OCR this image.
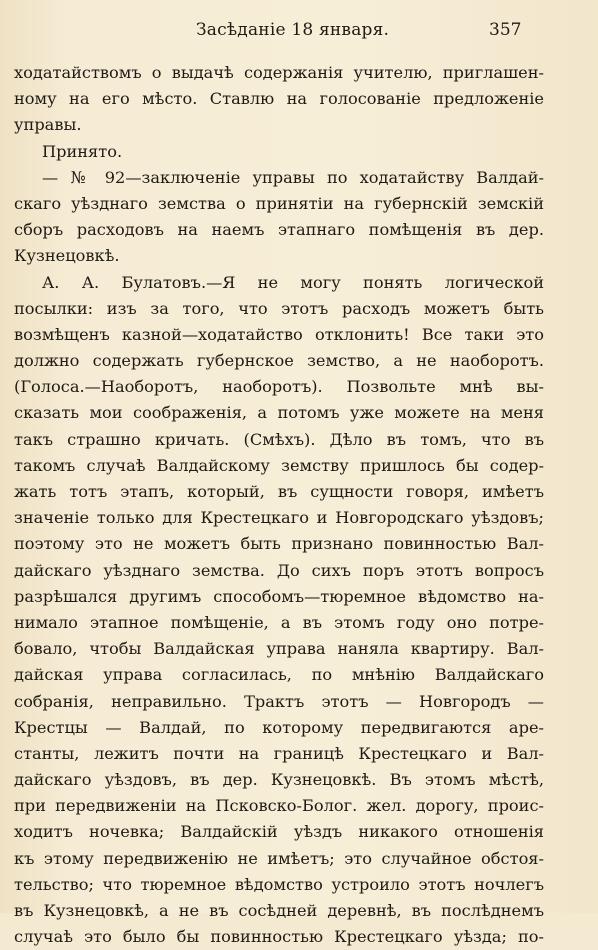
Засѣданіе 18 января.	357
ходатайствомъ о выдачѣ содержанія учителю, приглашен-
ному на его мѣсто. Ставлю на голосованіе предложеніе
управы.
Принято.
— № 92—заключеніе управы по ходатайству Валдай-
скаго уѣзднаго земства о принятіи на губернскій земскій
сборъ расходовъ на наемъ этапнаго помѣщенія въ дер.
Кузнецовкѣ.
А. А. Булатовъ.—Я не могу понять логической
посылки: изъ за того, что этотъ расходъ можетъ быть
возмѣщенъ казной—ходатайство отклонить! Все таки это
должно содержать губернское земство, а не наоборотъ.
(Голоса.—Наоборотъ, наоборотъ). Позвольте мнѣ вы-
сказать мои соображенія, а потомъ уже можете на меня
такъ страшно кричать. (Смѣхъ). Дѣло въ томъ, что въ
такомъ случаѣ Валдайскому земству пришлось бы содер-
жать тотъ этапъ, который, въ сущности говоря, имѣетъ
значеніе только для Крестецкаго и Новгородскаго уѣздовъ;
поэтому это не можетъ быть признано повинностью Вал-
дайскаго уѣзднаго земства. До сихъ поръ этотъ вопросъ
разрѣшался другимъ способомъ—тюремное вѣдомство на-
нимало этапное помѣщеніе, а въ этомъ году оно потре-
бовало, чтобы Валдайская управа наняла квартиру. Вал-
дайская управа согласилась, по мнѣнію Валдайскаго
собранія, неправильно. Трактъ этотъ — Новгородъ —
Крестцы — Валдай, по которому передвигаются аре-
станты, лежитъ почти на границѣ Крестецкаго и Вал-
дайскаго уѣздовъ, въ дер. Кузнецовкѣ. Въ этомъ мѣстѣ,
при передвиженіи на Псковско-Болог. жел. дорогу, проис-
ходитъ ночевка; Валдайскій уѣздъ никакого отношенія
къ этому передвиженію не имѣетъ; это случайное обстоя-
тельство; что тюремное вѣдомство устроило этотъ ночлегъ
въ Кузнецовкѣ, а не въ сосѣдней деревнѣ, въ послѣднемъ
случаѣ это было бы повинностью Крестецкаго уѣзда; по-
